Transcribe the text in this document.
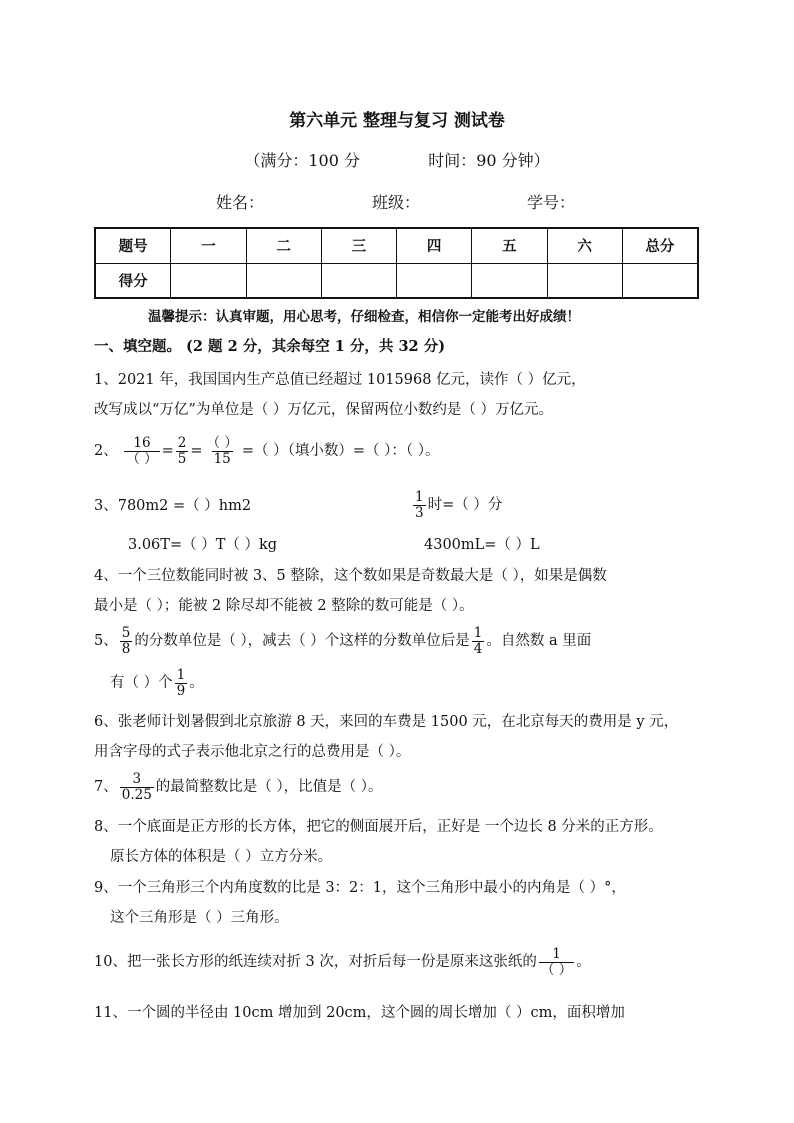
第六单元 整理与复习 测试卷
（满分：100 分	时间：90 分钟）
姓名：	班级：	学号：
题号	一	二	三	四	五	六	总分
得分							
温馨提示：认真审题，用心思考，仔细检查，相信你一定能考出好成绩！
一、填空题。 (2 题 2 分，其余每空 1 分，共 32 分)
1、2021 年，我国国内生产总值已经超过 1015968 亿元，读作（ ）亿元，
改写成以“万亿”为单位是（ ）万亿元，保留两位小数约是（ ）万亿元。
2、 $\frac{16}{( )} = \frac{2}{5} = \frac{( )}{15}$ =（ ）（填小数）=（ ）：（ ）。
3、780m2 =（ ）hm2	$\frac{1}{3}$ 时=（ ）分
3.06T=（ ）T（ ）kg	4300mL=（ ）L
4、一个三位数能同时被 3、5 整除，这个数如果是奇数最大是（ ），如果是偶数
最小是（ ）；能被 2 除尽却不能被 2 整除的数可能是（ ）。
5、 $\frac{5}{8}$ 的分数单位是（ ），减去（ ）个这样的分数单位后是 $\frac{1}{4}$ 。自然数 a 里面
有（ ）个 $\frac{1}{9}$ 。
6、张老师计划暑假到北京旅游 8 天，来回的车费是 1500 元，在北京每天的费用是 y 元，
用含字母的式子表示他北京之行的总费用是（ ）。
7、 $\frac{3}{0.25}$ 的最简整数比是（ ），比值是（ ）。
8、一个底面是正方形的长方体，把它的侧面展开后，正好是 一个边长 8 分米的正方形。
原长方体的体积是（ ）立方分米。
9、一个三角形三个内角度数的比是 3：2：1，这个三角形中最小的内角是（ ）°，
这个三角形是（ ）三角形。
10、把一张长方形的纸连续对折 3 次，对折后每一份是原来这张纸的 $\frac{1}{( )}$ 。
11、一个圆的半径由 10cm 增加到 20cm，这个圆的周长增加（ ）cm，面积增加
